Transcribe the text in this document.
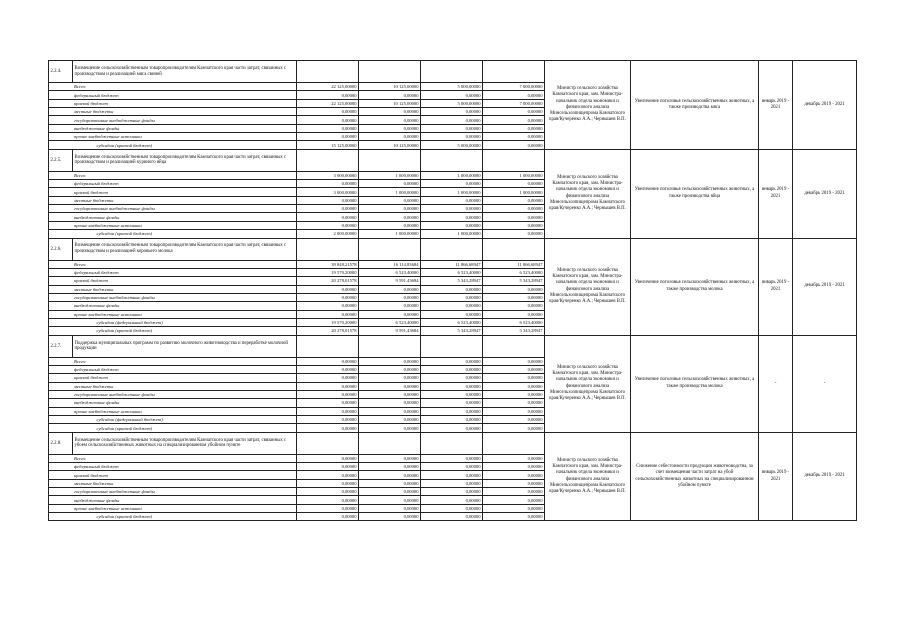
2.2.4.	Возмещение сельскохозяйственным товаропроизводителям Камчатского края части затрат, связанных с производством и реализацией мяса свиней					Министр сельского хозяйства Камчатского края, зам. Министра-начальник отдела экономики и финансового анализа Минсельхозпищепрома Камчатского края/Кучеренко А.А.; Чернышев В.П.	Увеличение поголовья сельскохозяйственных животных, а также производства мяса	январь 2019 - 2021	декабрь 2019 - 2021
	Всего:	22 125,00000	10 125,00000	5 000,00000	7 000,00000				
	федеральный бюджет	0,00000	0,00000	0,00000	0,00000				
	краевой бюджет	22 125,00000	10 125,00000	5 000,00000	7 000,00000				
	местные бюджеты	0,00000	0,00000	0,00000	0,00000				
	государственные внебюджетные фонды	0,00000	0,00000	0,00000	0,00000				
	внебюджетные фонды	0,00000	0,00000	0,00000	0,00000				
	прочие внебюджетные источники	0,00000	0,00000	0,00000	0,00000				
	субсидии (краевой бюджет)	15 125,00000	10 125,00000	5 000,00000	0,00000				
2.2.5.	Возмещение сельскохозяйственным товаропроизводителям Камчатского края части затрат, связанных с производством и реализацией куриного яйца					Министр сельского хозяйства Камчатского края, зам. Министра-начальник отдела экономики и финансового анализа Минсельхозпищепрома Камчатского края/Кучеренко А.А.; Чернышев В.П.	Увеличение поголовья сельскохозяйственных животных, а также производства яйца	январь 2019 - 2021	декабрь 2019 - 2021
	Всего:	3 000,00000	1 000,00000	1 000,00000	1 000,00000				
	федеральный бюджет	0,00000	0,00000	0,00000	0,00000				
	краевой бюджет	3 000,00000	1 000,00000	1 000,00000	1 000,00000				
	местные бюджеты	0,00000	0,00000	0,00000	0,00000				
	государственные внебюджетные фонды	0,00000	0,00000	0,00000	0,00000				
	внебюджетные фонды	0,00000	0,00000	0,00000	0,00000				
	прочие внебюджетные источники	0,00000	0,00000	0,00000	0,00000				
	субсидии (краевой бюджет)	2 000,00000	1 000,00000	1 000,00000	0,00000				
2.2.6.	Возмещение сельскохозяйственным товаропроизводителям Камчатского края части затрат, связанных с производством и реализацией коровьего молока					Министр сельского хозяйства Камчатского края, зам. Министра-начальник отдела экономики и финансового анализа Минсельхозпищепрома Камчатского края/Кучеренко А.А.; Чернышев В.П.	Увеличение поголовья сельскохозяйственных животных, а также производства молока	январь 2019 - 2021	декабрь 2019 - 2021
	Всего:	39 848,21578	16 114,83684	11 866,68947	11 866,68947				
	федеральный бюджет	19 570,20000	6 523,40000	6 523,40000	6 523,40000				
	краевой бюджет	20 278,01578	9 591,43684	5 343,28947	5 343,28947				
	местные бюджеты	0,00000	0,00000	0,00000	0,00000				
	государственные внебюджетные фонды	0,00000	0,00000	0,00000	0,00000				
	внебюджетные фонды	0,00000	0,00000	0,00000	0,00000				
	прочие внебюджетные источники	0,00000	0,00000	0,00000	0,00000				
	субсидии (федеральный бюджет)	19 570,20000	6 523,40000	6 523,40000	6 523,40000				
	субсидии (краевой бюджет)	20 278,01578	9 591,43684	5 343,28947	5 343,28947				
2.2.7.	Поддержка муниципальных программ по развитию молочного животноводства и переработке молочной продукции					Министр сельского хозяйства Камчатского края, зам. Министра-начальник отдела экономики и финансового анализа Минсельхозпищепрома Камчатского края/Кучеренко А.А.; Чернышев В.П.	Увеличение поголовья сельскохозяйственных животных, а также производства молока	-	-
	Всего:	0,00000	0,00000	0,00000	0,00000				
	федеральный бюджет	0,00000	0,00000	0,00000	0,00000				
	краевой бюджет	0,00000	0,00000	0,00000	0,00000				
	местные бюджеты	0,00000	0,00000	0,00000	0,00000				
	государственные внебюджетные фонды	0,00000	0,00000	0,00000	0,00000				
	внебюджетные фонды	0,00000	0,00000	0,00000	0,00000				
	прочие внебюджетные источники	0,00000	0,00000	0,00000	0,00000				
	субсидии (федеральный бюджет)	0,00000	0,00000	0,00000	0,00000				
	субсидии (краевой бюджет)	0,00000	0,00000	0,00000	0,00000				
2.2.8.	Возмещение сельскохозяйственным товаропроизводителям Камчатского края части затрат, связанных с убоем сельскохозяйственных животных на специализированном убойном пункте					Министр сельского хозяйства Камчатского края, зам. Министра-начальник отдела экономики и финансового анализа Минсельхозпищепрома Камчатского края/Кучеренко А.А.; Чернышев В.П.	Снижение себестоимости продукции животноводства, за счет возмещения части затрат на убой сельскохозяйственных животных на специализированном убойном пункте	январь 2019 - 2021	декабрь 2019 - 2021
	Всего:	0,00000	0,00000	0,00000	0,00000				
	федеральный бюджет	0,00000	0,00000	0,00000	0,00000				
	краевой бюджет	0,00000	0,00000	0,00000	0,00000				
	местные бюджеты	0,00000	0,00000	0,00000	0,00000				
	государственные внебюджетные фонды	0,00000	0,00000	0,00000	0,00000				
	внебюджетные фонды	0,00000	0,00000	0,00000	0,00000				
	прочие внебюджетные источники	0,00000	0,00000	0,00000	0,00000				
	субсидии (краевой бюджет)	0,00000	0,00000	0,00000	0,00000				
